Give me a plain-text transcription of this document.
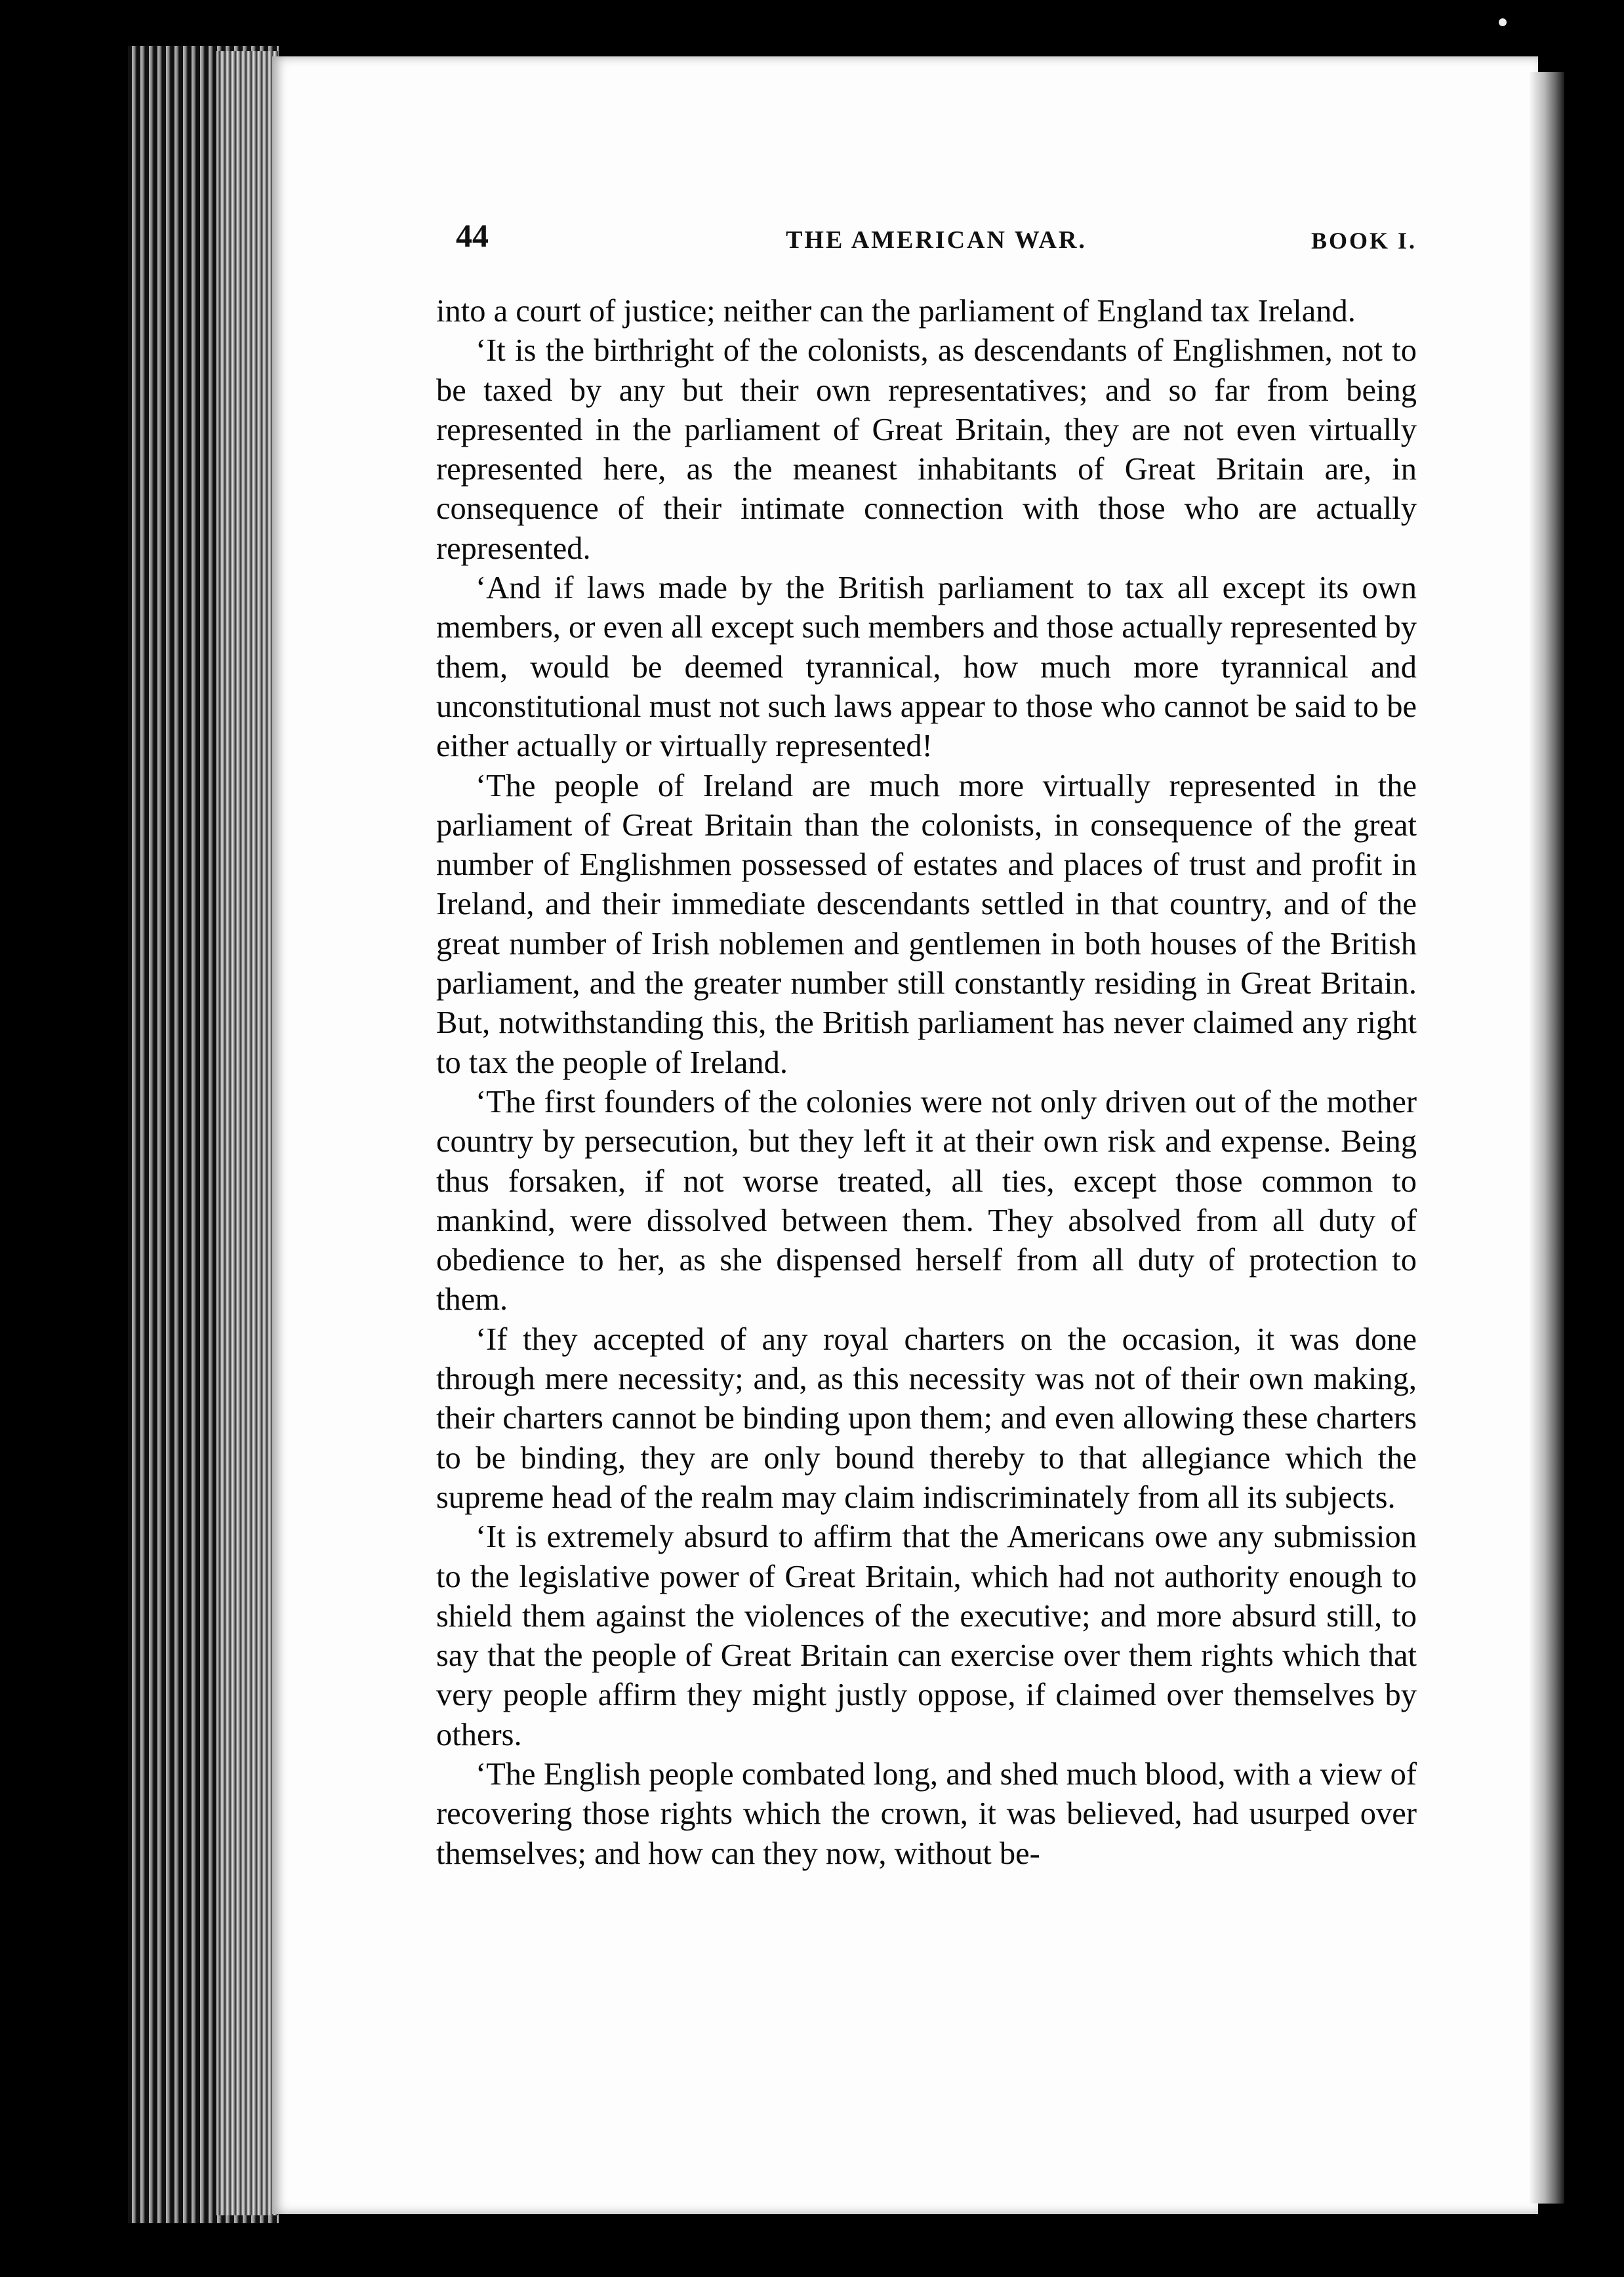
44	THE AMERICAN WAR.	BOOK I.

into a court of justice; neither can the parliament of England tax Ireland.

‘It is the birthright of the colonists, as descendants of Englishmen, not to be taxed by any but their own representatives; and so far from being represented in the parliament of Great Britain, they are not even virtually represented here, as the meanest inhabitants of Great Britain are, in consequence of their intimate connection with those who are actually represented.

‘And if laws made by the British parliament to tax all except its own members, or even all except such members and those actually represented by them, would be deemed tyrannical, how much more tyrannical and unconstitutional must not such laws appear to those who cannot be said to be either actually or virtually represented!

‘The people of Ireland are much more virtually represented in the parliament of Great Britain than the colonists, in consequence of the great number of Englishmen possessed of estates and places of trust and profit in Ireland, and their immediate descendants settled in that country, and of the great number of Irish noblemen and gentlemen in both houses of the British parliament, and the greater number still constantly residing in Great Britain. But, notwithstanding this, the British parliament has never claimed any right to tax the people of Ireland.

‘The first founders of the colonies were not only driven out of the mother country by persecution, but they left it at their own risk and expense. Being thus forsaken, if not worse treated, all ties, except those common to mankind, were dissolved between them. They absolved from all duty of obedience to her, as she dispensed herself from all duty of protection to them.

‘If they accepted of any royal charters on the occasion, it was done through mere necessity; and, as this necessity was not of their own making, their charters cannot be binding upon them; and even allowing these charters to be binding, they are only bound thereby to that allegiance which the supreme head of the realm may claim indiscriminately from all its subjects.

‘It is extremely absurd to affirm that the Americans owe any submission to the legislative power of Great Britain, which had not authority enough to shield them against the violences of the executive; and more absurd still, to say that the people of Great Britain can exercise over them rights which that very people affirm they might justly oppose, if claimed over themselves by others.

‘The English people combated long, and shed much blood, with a view of recovering those rights which the crown, it was believed, had usurped over themselves; and how can they now, without be-
